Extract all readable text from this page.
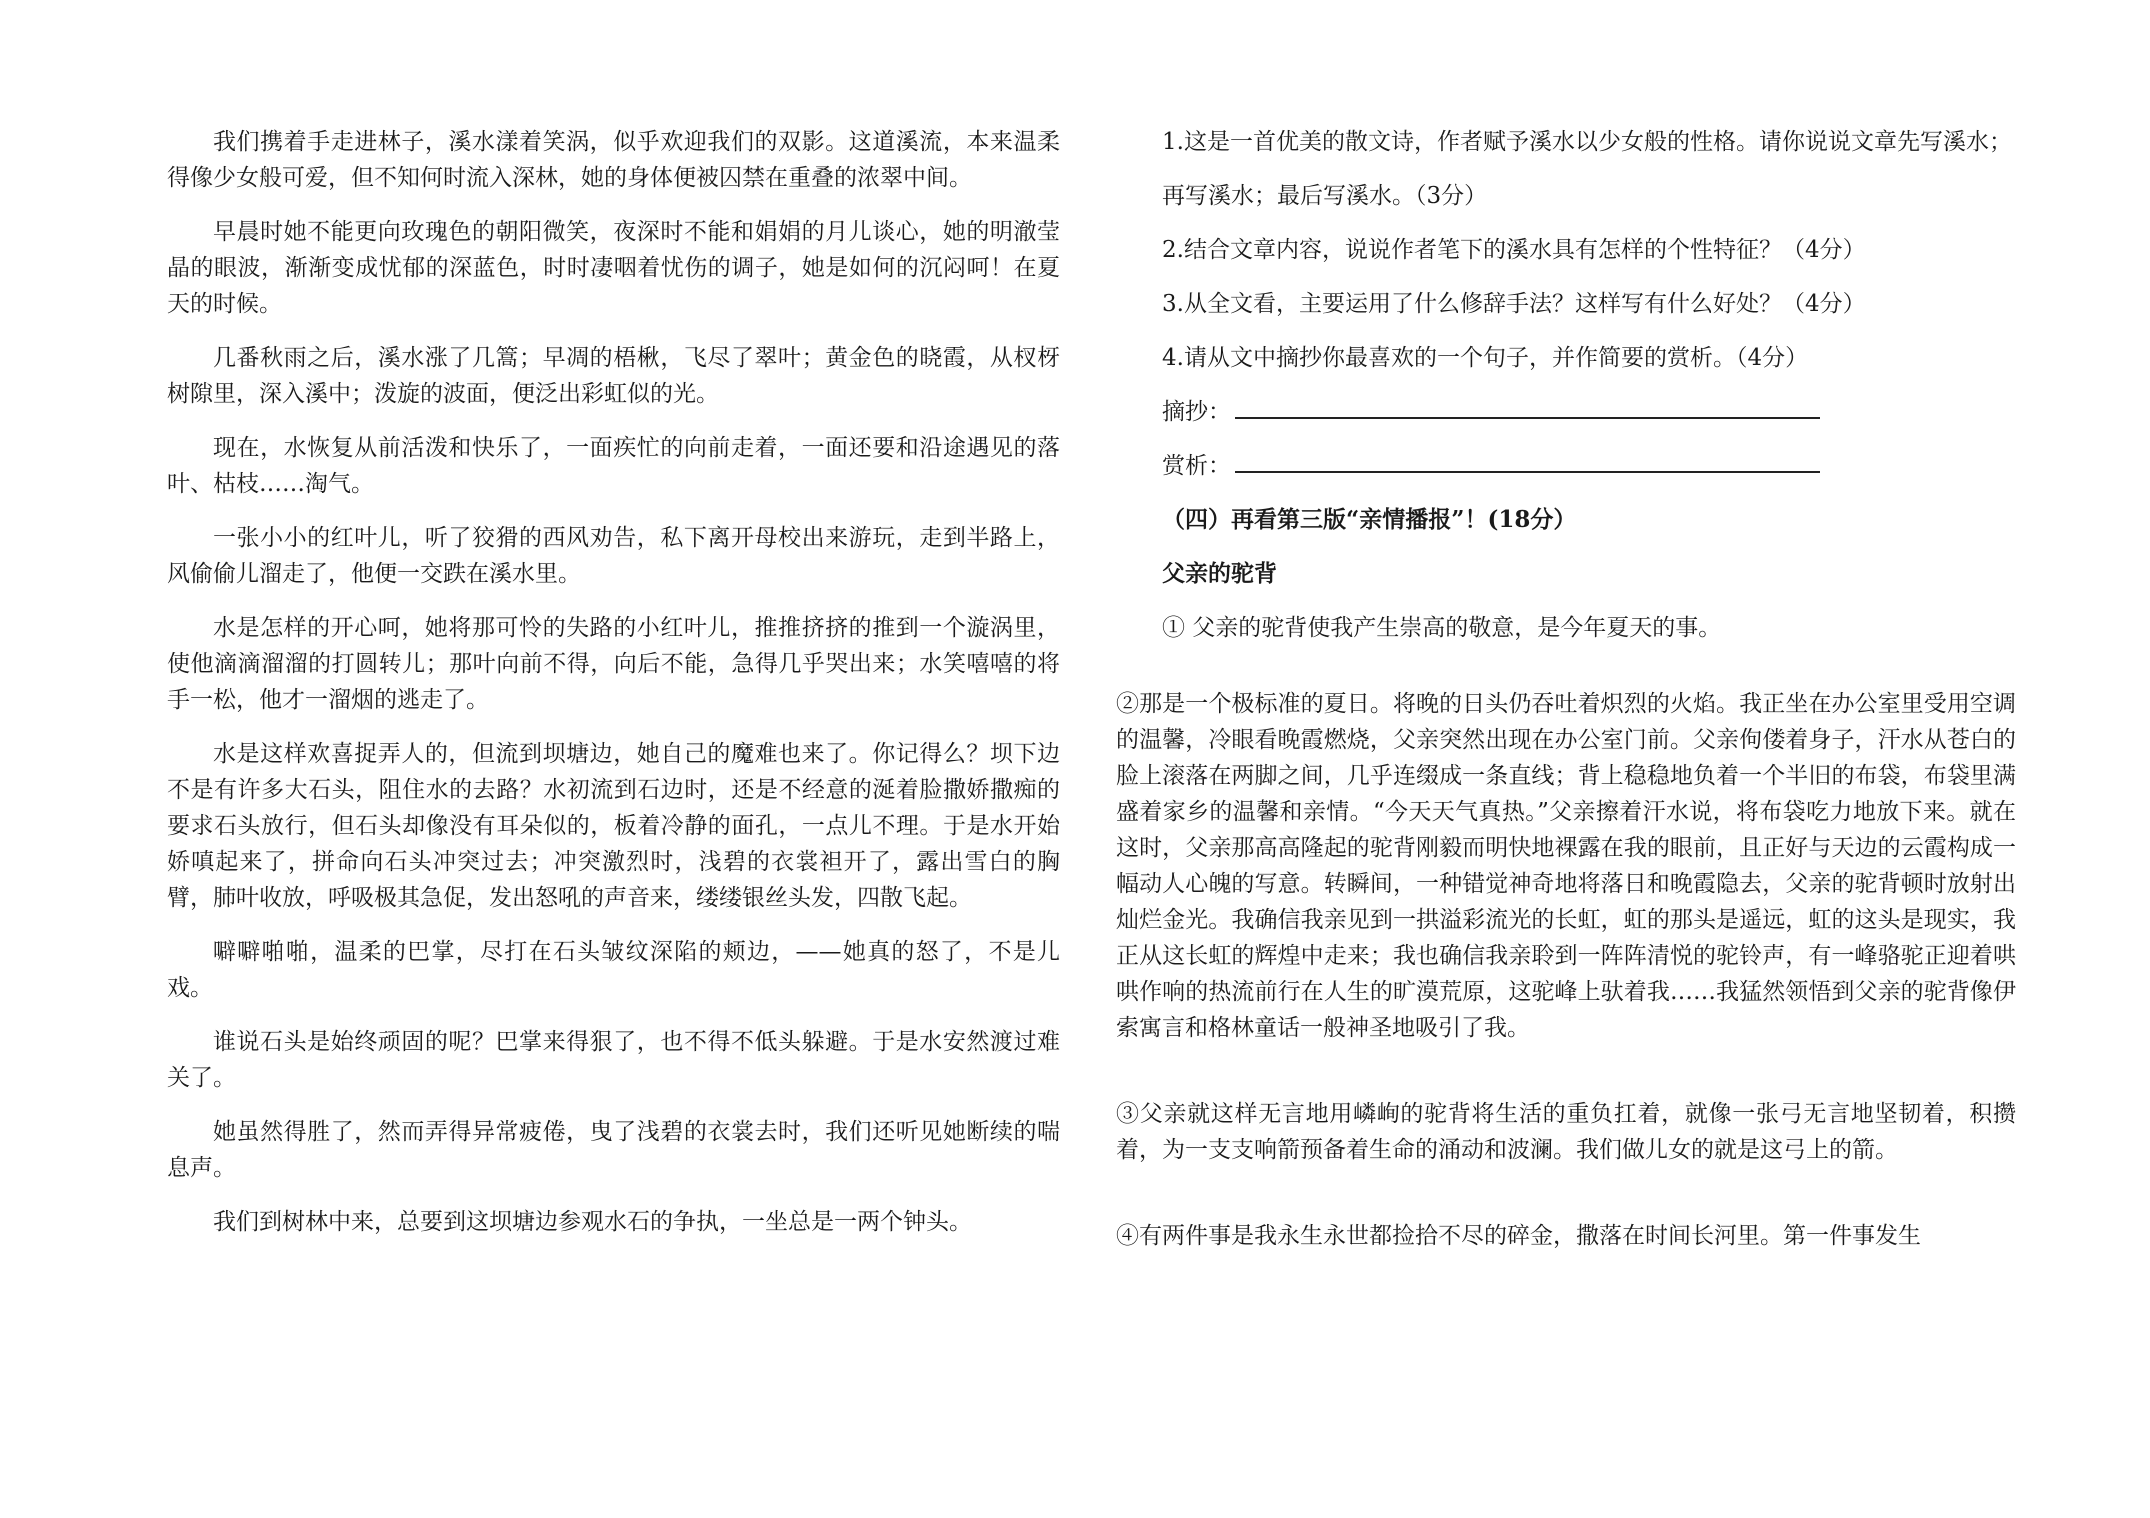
我们携着手走进林子，溪水漾着笑涡，似乎欢迎我们的双影。这道溪流，本来温柔得像少女般可爱，但不知何时流入深林，她的身体便被囚禁在重叠的浓翠中间。

早晨时她不能更向玫瑰色的朝阳微笑，夜深时不能和娟娟的月儿谈心，她的明澈莹晶的眼波，渐渐变成忧郁的深蓝色，时时凄咽着忧伤的调子，她是如何的沉闷呵！在夏天的时候。

几番秋雨之后，溪水涨了几篙；早凋的梧楸，飞尽了翠叶；黄金色的晓霞，从杈枒树隙里，深入溪中；泼旋的波面，便泛出彩虹似的光。

现在，水恢复从前活泼和快乐了，一面疾忙的向前走着，一面还要和沿途遇见的落叶、枯枝……淘气。

一张小小的红叶儿，听了狡猾的西风劝告，私下离开母校出来游玩，走到半路上，风偷偷儿溜走了，他便一交跌在溪水里。

水是怎样的开心呵，她将那可怜的失路的小红叶儿，推推挤挤的推到一个漩涡里，使他滴滴溜溜的打圆转儿；那叶向前不得，向后不能，急得几乎哭出来；水笑嘻嘻的将手一松，他才一溜烟的逃走了。

水是这样欢喜捉弄人的，但流到坝塘边，她自己的魔难也来了。你记得么？坝下边不是有许多大石头，阻住水的去路？水初流到石边时，还是不经意的涎着脸撒娇撒痴的要求石头放行，但石头却像没有耳朵似的，板着冷静的面孔，一点儿不理。于是水开始娇嗔起来了，拼命向石头冲突过去；冲突激烈时，浅碧的衣裳袒开了，露出雪白的胸臂，肺叶收放，呼吸极其急促，发出怒吼的声音来，缕缕银丝头发，四散飞起。

噼噼啪啪，温柔的巴掌，尽打在石头皱纹深陷的颊边，——她真的怒了，不是儿戏。

谁说石头是始终顽固的呢？巴掌来得狠了，也不得不低头躲避。于是水安然渡过难关了。

她虽然得胜了，然而弄得异常疲倦，曳了浅碧的衣裳去时，我们还听见她断续的喘息声。

我们到树林中来，总要到这坝塘边参观水石的争执，一坐总是一两个钟头。

1.这是一首优美的散文诗，作者赋予溪水以少女般的性格。请你说说文章先写溪水；

再写溪水；最后写溪水。（3分）

2.结合文章内容，说说作者笔下的溪水具有怎样的个性特征？（4分）

3.从全文看，主要运用了什么修辞手法？这样写有什么好处？（4分）

4.请从文中摘抄你最喜欢的一个句子，并作简要的赏析。（4分）

摘抄：

赏析：

（四）再看第三版“亲情播报”！(18分）

父亲的驼背

① 父亲的驼背使我产生崇高的敬意，是今年夏天的事。

②那是一个极标准的夏日。将晚的日头仍吞吐着炽烈的火焰。我正坐在办公室里受用空调的温馨，冷眼看晚霞燃烧，父亲突然出现在办公室门前。父亲佝偻着身子，汗水从苍白的脸上滚落在两脚之间，几乎连缀成一条直线；背上稳稳地负着一个半旧的布袋，布袋里满盛着家乡的温馨和亲情。“今天天气真热。”父亲擦着汗水说，将布袋吃力地放下来。就在这时，父亲那高高隆起的驼背刚毅而明快地裸露在我的眼前，且正好与天边的云霞构成一幅动人心魄的写意。转瞬间，一种错觉神奇地将落日和晚霞隐去，父亲的驼背顿时放射出灿烂金光。我确信我亲见到一拱溢彩流光的长虹，虹的那头是遥远，虹的这头是现实，我正从这长虹的辉煌中走来；我也确信我亲聆到一阵阵清悦的驼铃声，有一峰骆驼正迎着哄哄作响的热流前行在人生的旷漠荒原，这驼峰上驮着我……我猛然领悟到父亲的驼背像伊索寓言和格林童话一般神圣地吸引了我。

③父亲就这样无言地用嶙峋的驼背将生活的重负扛着，就像一张弓无言地坚韧着，积攒着，为一支支响箭预备着生命的涌动和波澜。我们做儿女的就是这弓上的箭。

④有两件事是我永生永世都捡拾不尽的碎金，撒落在时间长河里。第一件事发生
